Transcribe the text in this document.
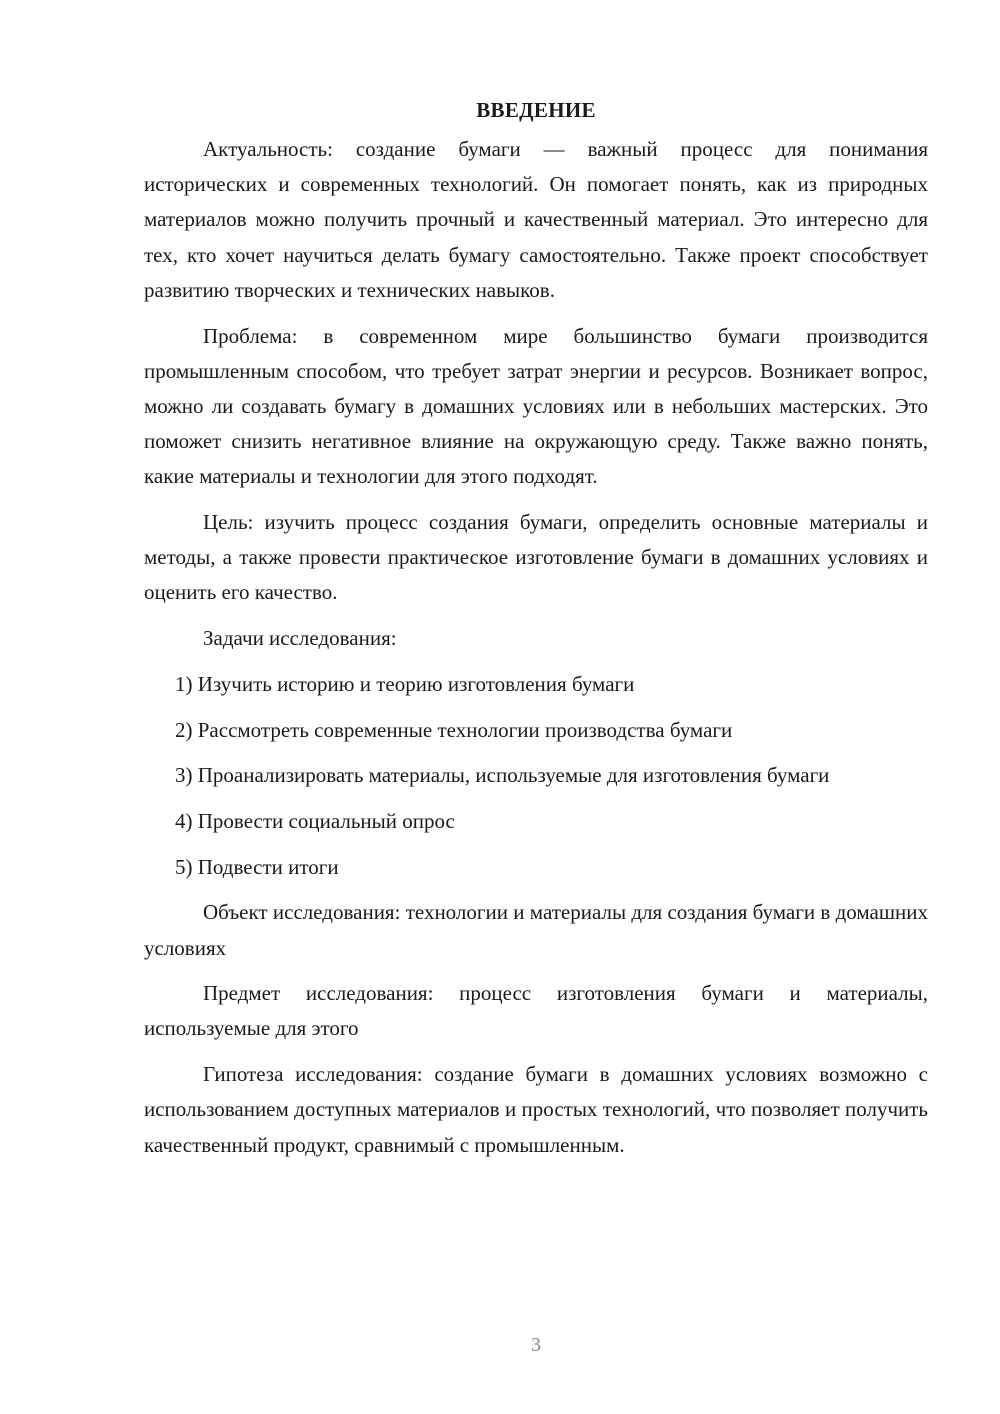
ВВЕДЕНИЕ

Актуальность: создание бумаги — важный процесс для понимания исторических и современных технологий. Он помогает понять, как из природных материалов можно получить прочный и качественный материал. Это интересно для тех, кто хочет научиться делать бумагу самостоятельно. Также проект способствует развитию творческих и технических навыков.

Проблема: в современном мире большинство бумаги производится промышленным способом, что требует затрат энергии и ресурсов. Возникает вопрос, можно ли создавать бумагу в домашних условиях или в небольших мастерских. Это поможет снизить негативное влияние на окружающую среду. Также важно понять, какие материалы и технологии для этого подходят.

Цель: изучить процесс создания бумаги, определить основные материалы и методы, а также провести практическое изготовление бумаги в домашних условиях и оценить его качество.

Задачи исследования:

1) Изучить историю и теорию изготовления бумаги

2) Рассмотреть современные технологии производства бумаги

3) Проанализировать материалы, используемые для изготовления бумаги

4) Провести социальный опрос

5) Подвести итоги

Объект исследования: технологии и материалы для создания бумаги в домашних условиях

Предмет исследования: процесс изготовления бумаги и материалы, используемые для этого

Гипотеза исследования: создание бумаги в домашних условиях возможно с использованием доступных материалов и простых технологий, что позволяет получить качественный продукт, сравнимый с промышленным.

3
